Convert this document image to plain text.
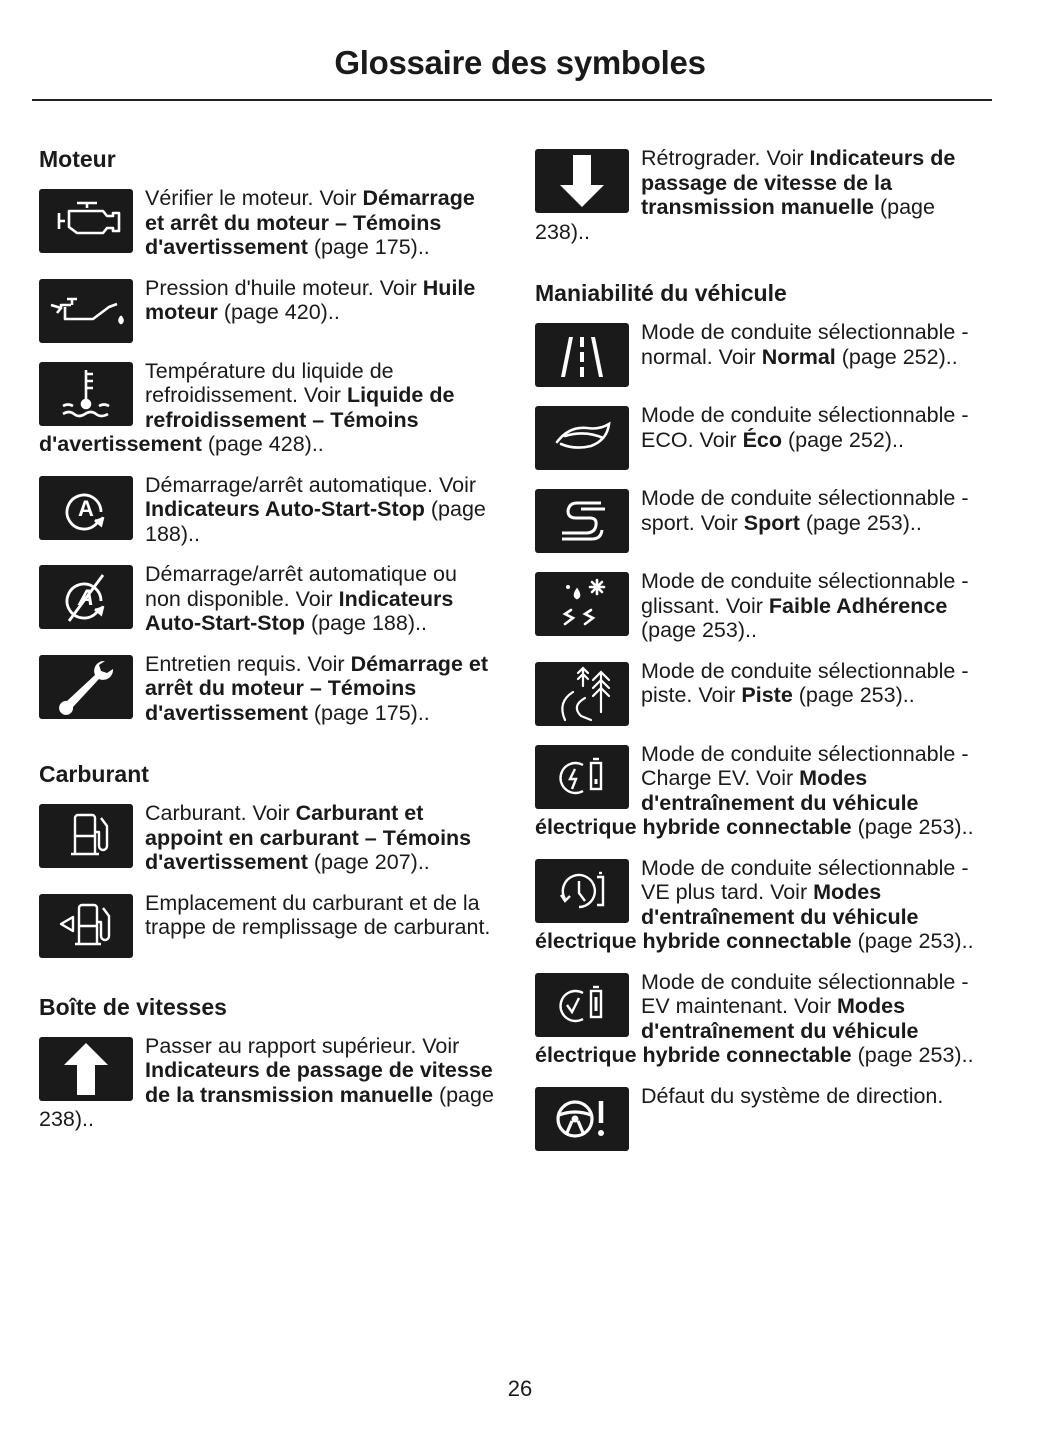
Glossaire des symboles
Moteur
Vérifier le moteur. Voir Démarrage et arrêt du moteur – Témoins d'avertissement (page 175)..
Pression d'huile moteur. Voir Huile moteur (page 420)..
Température du liquide de refroidissement. Voir Liquide de refroidissement – Témoins d'avertissement (page 428)..
A
Démarrage/arrêt automatique. Voir Indicateurs Auto-Start-Stop (page 188)..
A
Démarrage/arrêt automatique ou non disponible. Voir Indicateurs Auto-Start-Stop (page 188)..
Entretien requis. Voir Démarrage et arrêt du moteur – Témoins d'avertissement (page 175)..
Carburant
Carburant. Voir Carburant et appoint en carburant – Témoins d'avertissement (page 207)..
Emplacement du carburant et de la trappe de remplissage de carburant.
Boîte de vitesses
Passer au rapport supérieur. Voir Indicateurs de passage de vitesse de la transmission manuelle (page 238)..
Rétrograder. Voir Indicateurs de passage de vitesse de la transmission manuelle (page 238)..
Maniabilité du véhicule
Mode de conduite sélectionnable - normal. Voir Normal (page 252)..
Mode de conduite sélectionnable - ECO. Voir Éco (page 252)..
Mode de conduite sélectionnable - sport. Voir Sport (page 253)..
Mode de conduite sélectionnable - glissant. Voir Faible Adhérence (page 253)..
Mode de conduite sélectionnable - piste. Voir Piste (page 253)..
Mode de conduite sélectionnable - Charge EV. Voir Modes d'entraînement du véhicule électrique hybride connectable (page 253)..
Mode de conduite sélectionnable - VE plus tard. Voir Modes d'entraînement du véhicule électrique hybride connectable (page 253)..
Mode de conduite sélectionnable - EV maintenant. Voir Modes d'entraînement du véhicule électrique hybride connectable (page 253)..
Défaut du système de direction.
26
